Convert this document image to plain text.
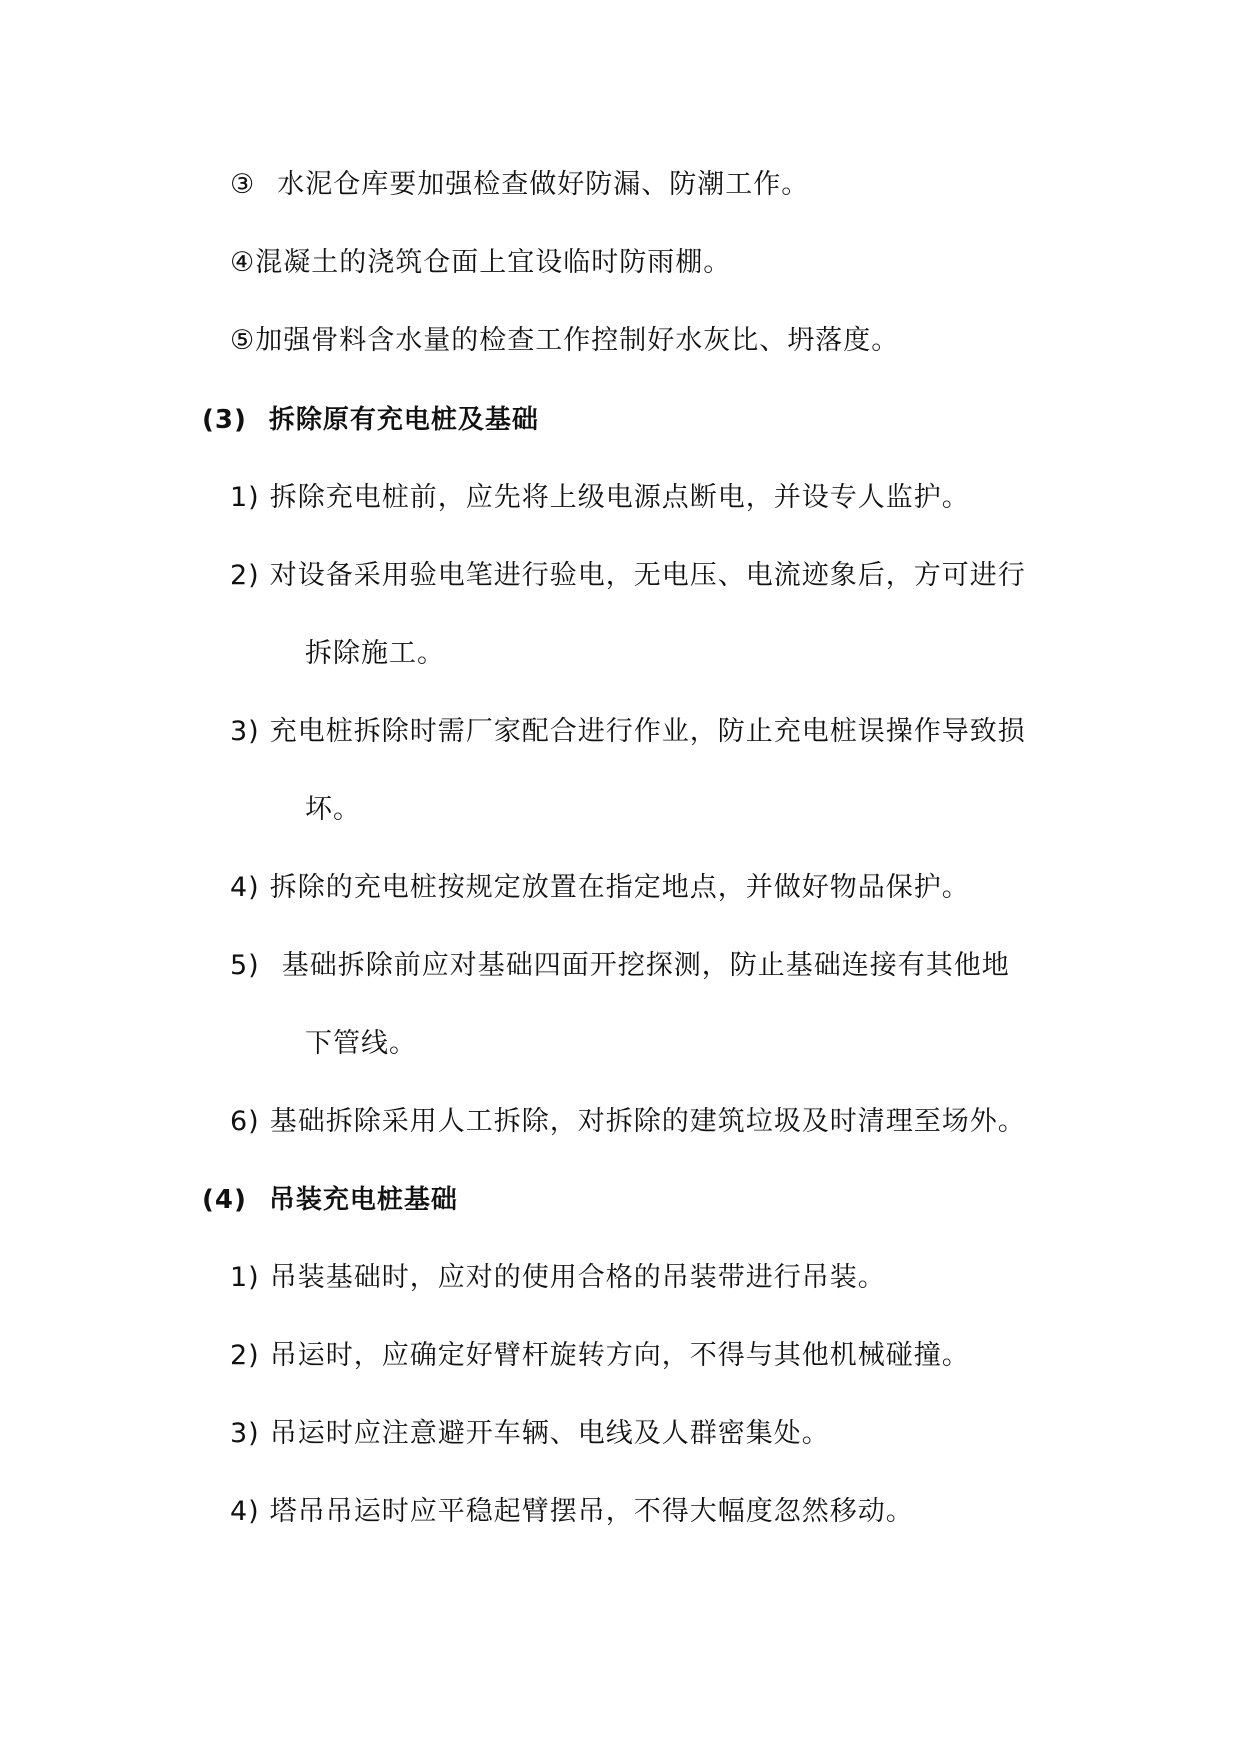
③ 水泥仓库要加强检查做好防漏、防潮工作。
④混凝土的浇筑仓面上宜设临时防雨棚。
⑤加强骨料含水量的检查工作控制好水灰比、坍落度。
(3) 拆除原有充电桩及基础
1) 拆除充电桩前，应先将上级电源点断电，并设专人监护。
2) 对设备采用验电笔进行验电，无电压、电流迹象后，方可进行
拆除施工。
3) 充电桩拆除时需厂家配合进行作业，防止充电桩误操作导致损
坏。
4) 拆除的充电桩按规定放置在指定地点，并做好物品保护。
5) 基础拆除前应对基础四面开挖探测，防止基础连接有其他地
下管线。
6) 基础拆除采用人工拆除，对拆除的建筑垃圾及时清理至场外。
(4) 吊装充电桩基础
1) 吊装基础时，应对的使用合格的吊装带进行吊装。
2) 吊运时，应确定好臂杆旋转方向，不得与其他机械碰撞。
3) 吊运时应注意避开车辆、电线及人群密集处。
4) 塔吊吊运时应平稳起臂摆吊，不得大幅度忽然移动。
